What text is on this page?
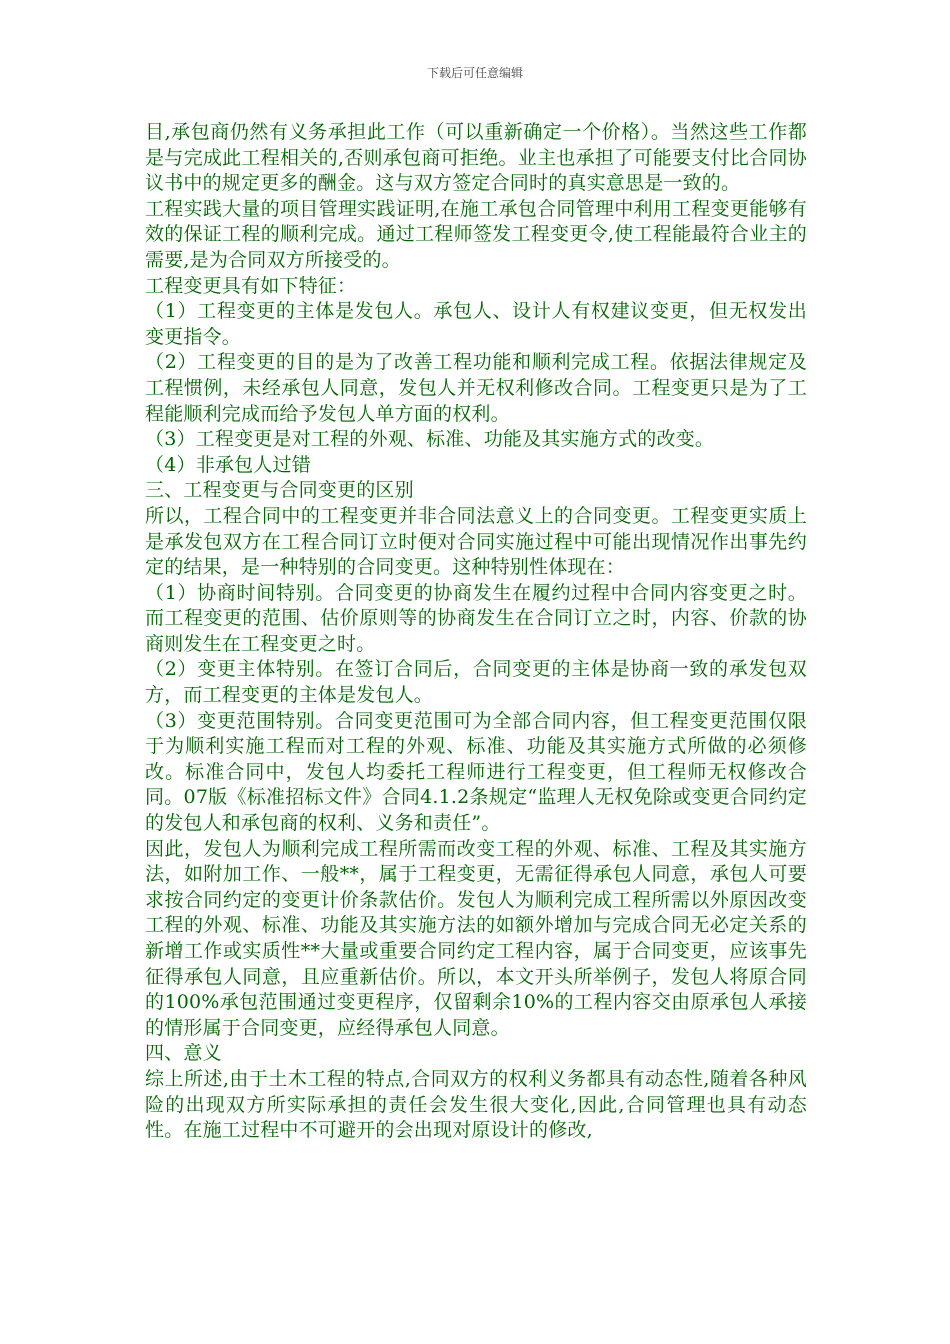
下载后可任意编辑

目,承包商仍然有义务承担此工作（可以重新确定一个价格）。当然这些工作都是与完成此工程相关的,否则承包商可拒绝。业主也承担了可能要支付比合同协议书中的规定更多的酬金。这与双方签定合同时的真实意思是一致的。

工程实践大量的项目管理实践证明,在施工承包合同管理中利用工程变更能够有效的保证工程的顺利完成。通过工程师签发工程变更令,使工程能最符合业主的需要,是为合同双方所接受的。

工程变更具有如下特征：

（1）工程变更的主体是发包人。承包人、设计人有权建议变更，但无权发出变更指令。

（2）工程变更的目的是为了改善工程功能和顺利完成工程。依据法律规定及工程惯例，未经承包人同意，发包人并无权利修改合同。工程变更只是为了工程能顺利完成而给予发包人单方面的权利。

（3）工程变更是对工程的外观、标准、功能及其实施方式的改变。

（4）非承包人过错

三、工程变更与合同变更的区别

所以，工程合同中的工程变更并非合同法意义上的合同变更。工程变更实质上是承发包双方在工程合同订立时便对合同实施过程中可能出现情况作出事先约定的结果，是一种特别的合同变更。这种特别性体现在：

（1）协商时间特别。合同变更的协商发生在履约过程中合同内容变更之时。而工程变更的范围、估价原则等的协商发生在合同订立之时，内容、价款的协商则发生在工程变更之时。

（2）变更主体特别。在签订合同后，合同变更的主体是协商一致的承发包双方，而工程变更的主体是发包人。

（3）变更范围特别。合同变更范围可为全部合同内容，但工程变更范围仅限于为顺利实施工程而对工程的外观、标准、功能及其实施方式所做的必须修改。标准合同中，发包人均委托工程师进行工程变更，但工程师无权修改合同。07版《标准招标文件》合同4.1.2条规定“监理人无权免除或变更合同约定的发包人和承包商的权利、义务和责任”。

因此，发包人为顺利完成工程所需而改变工程的外观、标准、工程及其实施方法，如附加工作、一般**，属于工程变更，无需征得承包人同意，承包人可要求按合同约定的变更计价条款估价。发包人为顺利完成工程所需以外原因改变工程的外观、标准、功能及其实施方法的如额外增加与完成合同无必定关系的新增工作或实质性**大量或重要合同约定工程内容，属于合同变更，应该事先征得承包人同意，且应重新估价。所以，本文开头所举例子，发包人将原合同的100%承包范围通过变更程序，仅留剩余10%的工程内容交由原承包人承接的情形属于合同变更，应经得承包人同意。

四、意义

综上所述,由于土木工程的特点,合同双方的权利义务都具有动态性,随着各种风险的出现双方所实际承担的责任会发生很大变化,因此,合同管理也具有动态性。在施工过程中不可避开的会出现对原设计的修改,
